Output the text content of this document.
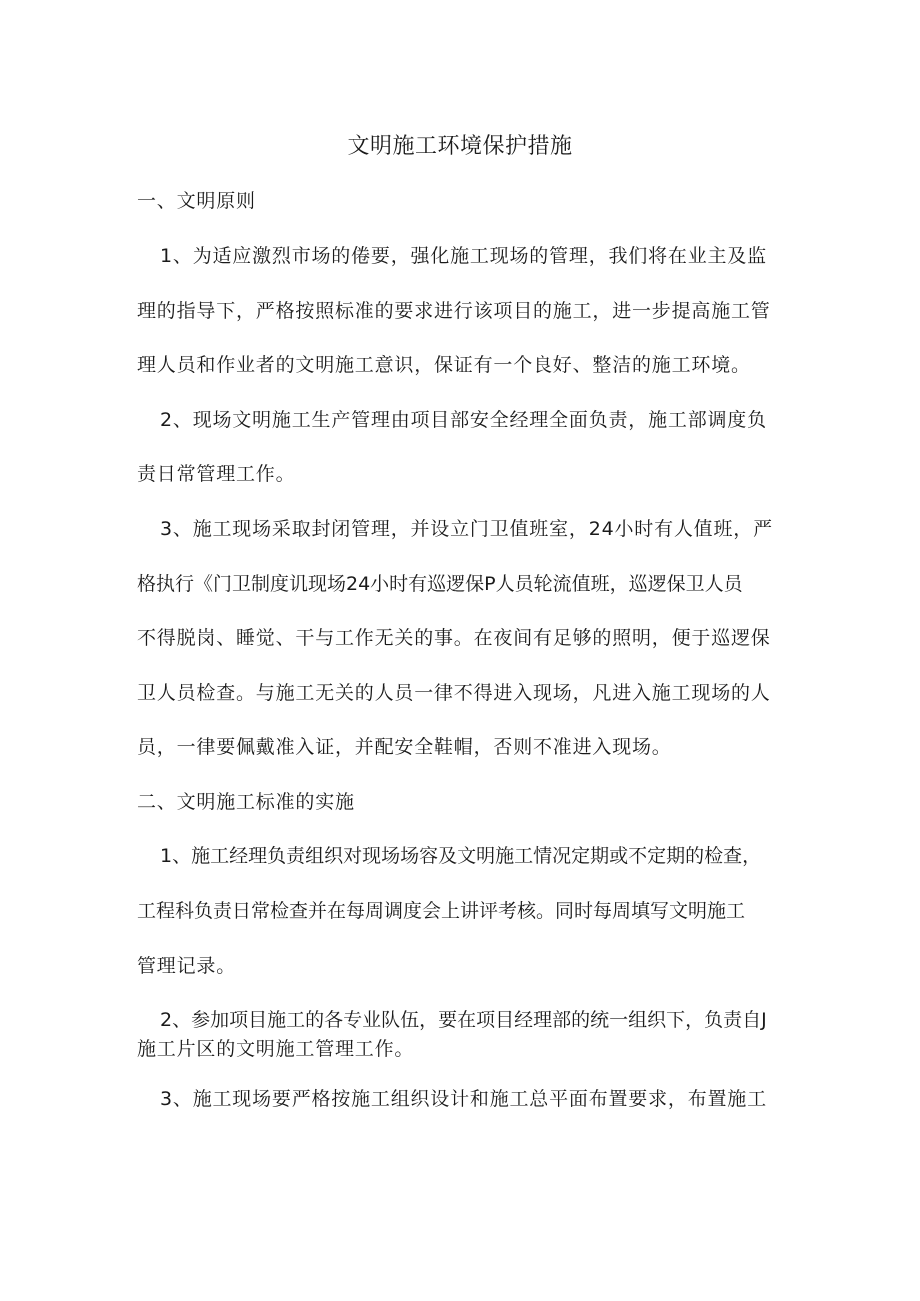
文明施工环境保护措施
一、文明原则
1、为适应激烈市场的倦要，强化施工现场的管理，我们将在业主及监
理的指导下，严格按照标准的要求进行该项目的施工，进一步提高施工管
理人员和作业者的文明施工意识，保证有一个良好、整洁的施工环境。
2、现场文明施工生产管理由项目部安全经理全面负责，施工部调度负
责日常管理工作。
3、施工现场采取封闭管理，并设立门卫值班室，24小时有人值班，严
格执行《门卫制度讥现场24小时有巡逻保P人员轮流值班，巡逻保卫人员
不得脱岗、睡觉、干与工作无关的事。在夜间有足够的照明，便于巡逻保
卫人员检查。与施工无关的人员一律不得进入现场，凡进入施工现场的人
员，一律要佩戴准入证，并配安全鞋帽，否则不准进入现场。
二、文明施工标准的实施
1、施工经理负责组织对现场场容及文明施工情况定期或不定期的检查，
工程科负责日常检查并在每周调度会上讲评考核。同时每周填写文明施工
管理记录。
2、参加项目施工的各专业队伍，要在项目经理部的统一组织下，负责自J
施工片区的文明施工管理工作。
3、施工现场要严格按施工组织设计和施工总平面布置要求，布置施工
